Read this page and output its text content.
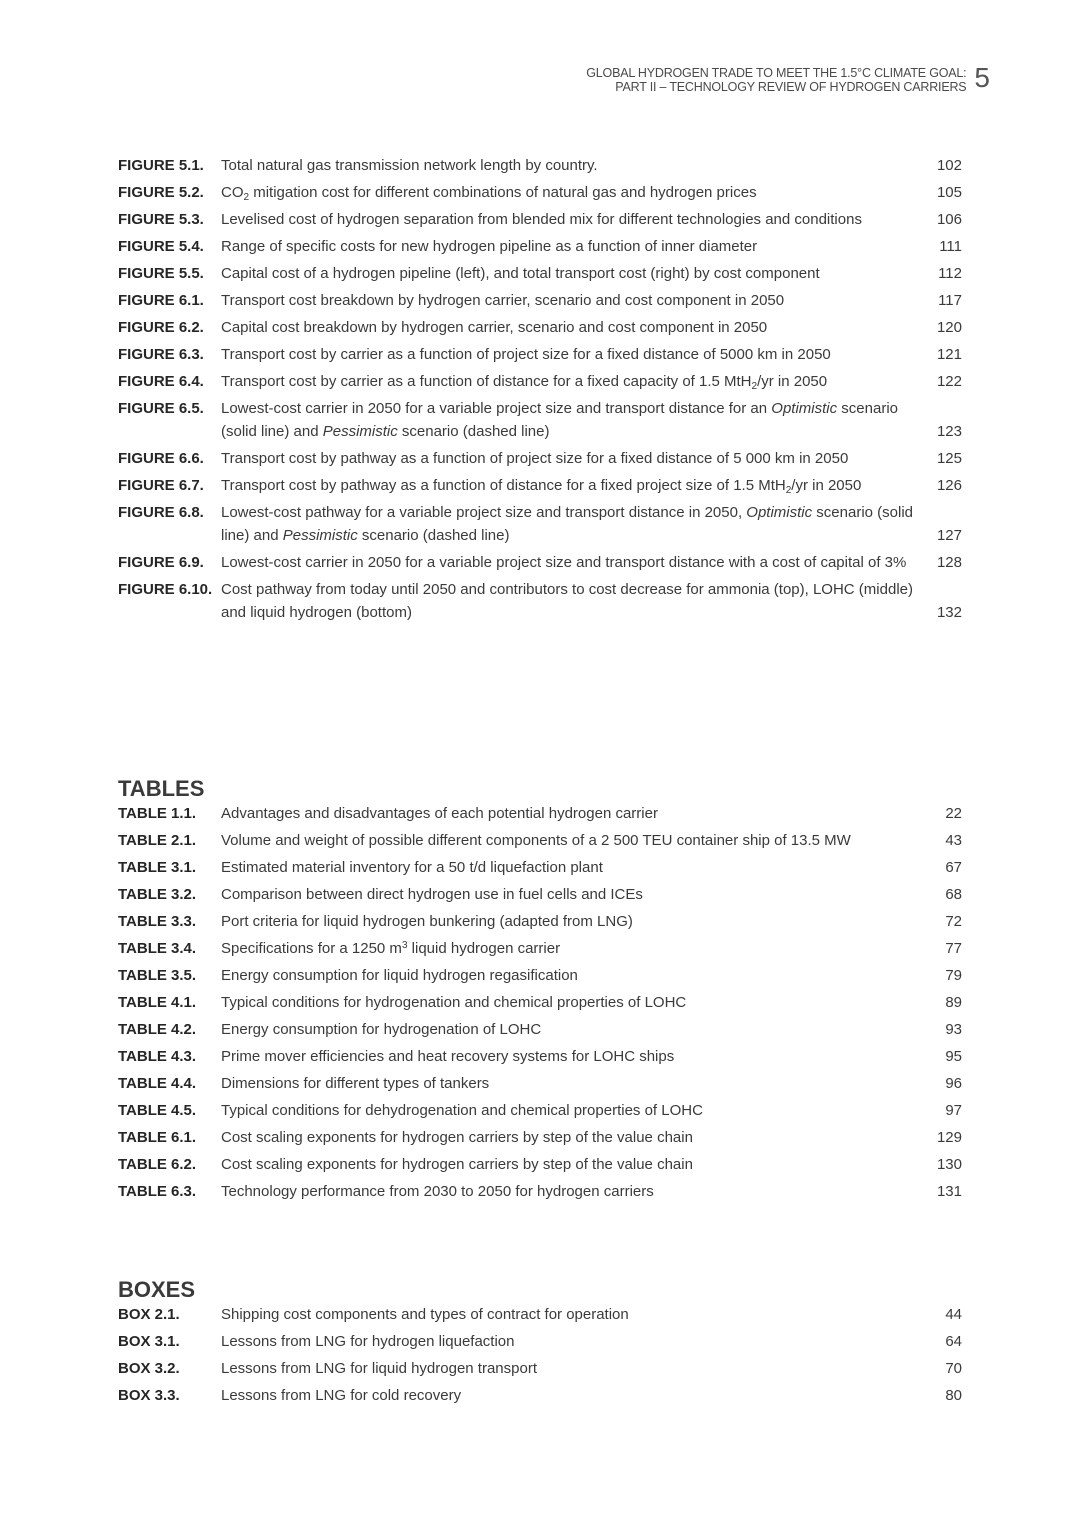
GLOBAL HYDROGEN TRADE TO MEET THE 1.5°C CLIMATE GOAL:
PART II – TECHNOLOGY REVIEW OF HYDROGEN CARRIERS 5
FIGURE 5.1.	Total natural gas transmission network length by country.	102
FIGURE 5.2.	$CO_2$ mitigation cost for different combinations of natural gas and hydrogen prices	105
FIGURE 5.3.	Levelised cost of hydrogen separation from blended mix for different technologies and conditions	106
FIGURE 5.4.	Range of specific costs for new hydrogen pipeline as a function of inner diameter	111
FIGURE 5.5.	Capital cost of a hydrogen pipeline (left), and total transport cost (right) by cost component	112
FIGURE 6.1.	Transport cost breakdown by hydrogen carrier, scenario and cost component in 2050	117
FIGURE 6.2.	Capital cost breakdown by hydrogen carrier, scenario and cost component in 2050	120
FIGURE 6.3.	Transport cost by carrier as a function of project size for a fixed distance of 5000 km in 2050	121
FIGURE 6.4.	Transport cost by carrier as a function of distance for a fixed capacity of 1.5 MtH$_2$/yr in 2050	122
FIGURE 6.5.	Lowest-cost carrier in 2050 for a variable project size and transport distance for an Optimistic scenario (solid line) and Pessimistic scenario (dashed line)	123
FIGURE 6.6.	Transport cost by pathway as a function of project size for a fixed distance of 5 000 km in 2050	125
FIGURE 6.7.	Transport cost by pathway as a function of distance for a fixed project size of 1.5 MtH$_2$/yr in 2050	126
FIGURE 6.8.	Lowest-cost pathway for a variable project size and transport distance in 2050, Optimistic scenario (solid line) and Pessimistic scenario (dashed line)	127
FIGURE 6.9.	Lowest-cost carrier in 2050 for a variable project size and transport distance with a cost of capital of 3%	128
FIGURE 6.10. Cost pathway from today until 2050 and contributors to cost decrease for ammonia (top), LOHC (middle) and liquid hydrogen (bottom)	132
TABLES
TABLE 1.1.	Advantages and disadvantages of each potential hydrogen carrier	22
TABLE 2.1.	Volume and weight of possible different components of a 2 500 TEU container ship of 13.5 MW	43
TABLE 3.1.	Estimated material inventory for a 50 t/d liquefaction plant	67
TABLE 3.2.	Comparison between direct hydrogen use in fuel cells and ICEs	68
TABLE 3.3.	Port criteria for liquid hydrogen bunkering (adapted from LNG)	72
TABLE 3.4.	Specifications for a 1250 $m^3$ liquid hydrogen carrier	77
TABLE 3.5.	Energy consumption for liquid hydrogen regasification	79
TABLE 4.1.	Typical conditions for hydrogenation and chemical properties of LOHC	89
TABLE 4.2.	Energy consumption for hydrogenation of LOHC	93
TABLE 4.3.	Prime mover efficiencies and heat recovery systems for LOHC ships	95
TABLE 4.4.	Dimensions for different types of tankers	96
TABLE 4.5.	Typical conditions for dehydrogenation and chemical properties of LOHC	97
TABLE 6.1.	Cost scaling exponents for hydrogen carriers by step of the value chain	129
TABLE 6.2.	Cost scaling exponents for hydrogen carriers by step of the value chain	130
TABLE 6.3.	Technology performance from 2030 to 2050 for hydrogen carriers	131
BOXES
BOX 2.1.	Shipping cost components and types of contract for operation	44
BOX 3.1.	Lessons from LNG for hydrogen liquefaction	64
BOX 3.2.	Lessons from LNG for liquid hydrogen transport	70
BOX 3.3.	Lessons from LNG for cold recovery	80
